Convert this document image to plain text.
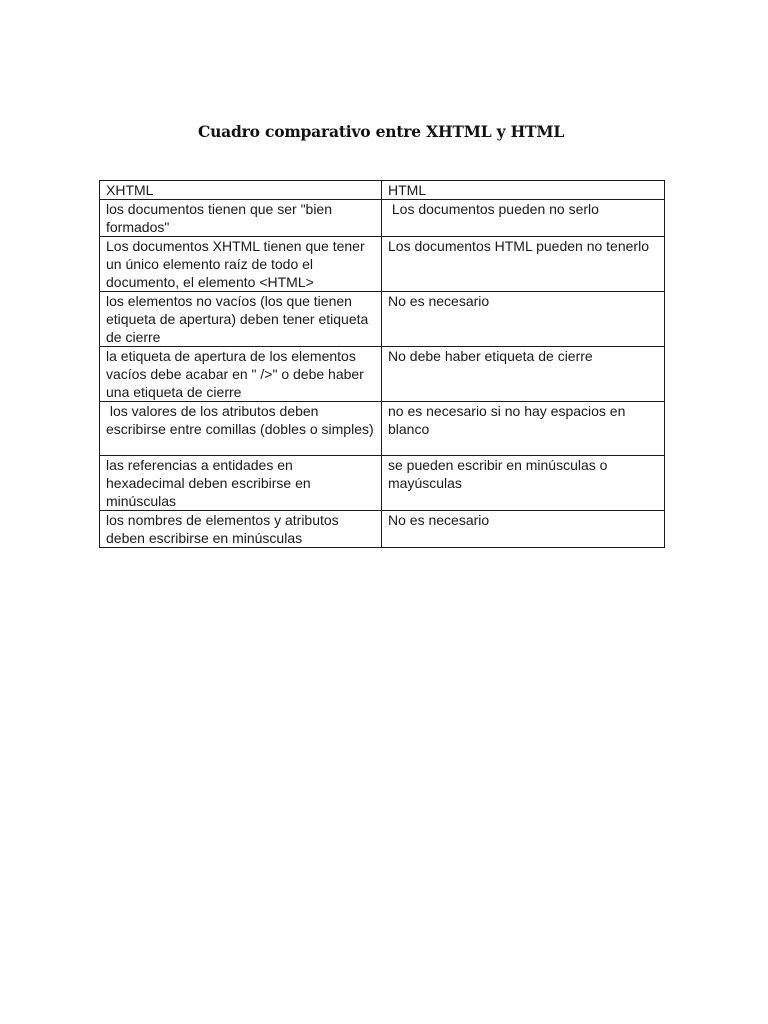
Cuadro comparativo entre XHTML y HTML
XHTML	HTML

los documentos tienen que ser "bien formados"	Los documentos pueden no serlo

Los documentos XHTML tienen que tener un único elemento raíz de todo el documento, el elemento <HTML>	Los documentos HTML pueden no tenerlo

los elementos no vacíos (los que tienen etiqueta de apertura) deben tener etiqueta de cierre	No es necesario

la etiqueta de apertura de los elementos vacíos debe acabar en " />" o debe haber una etiqueta de cierre	No debe haber etiqueta de cierre

los valores de los atributos deben escribirse entre comillas (dobles o simples)	no es necesario si no hay espacios en blanco

las referencias a entidades en hexadecimal deben escribirse en minúsculas	se pueden escribir en minúsculas o mayúsculas

los nombres de elementos y atributos deben escribirse en minúsculas	No es necesario
